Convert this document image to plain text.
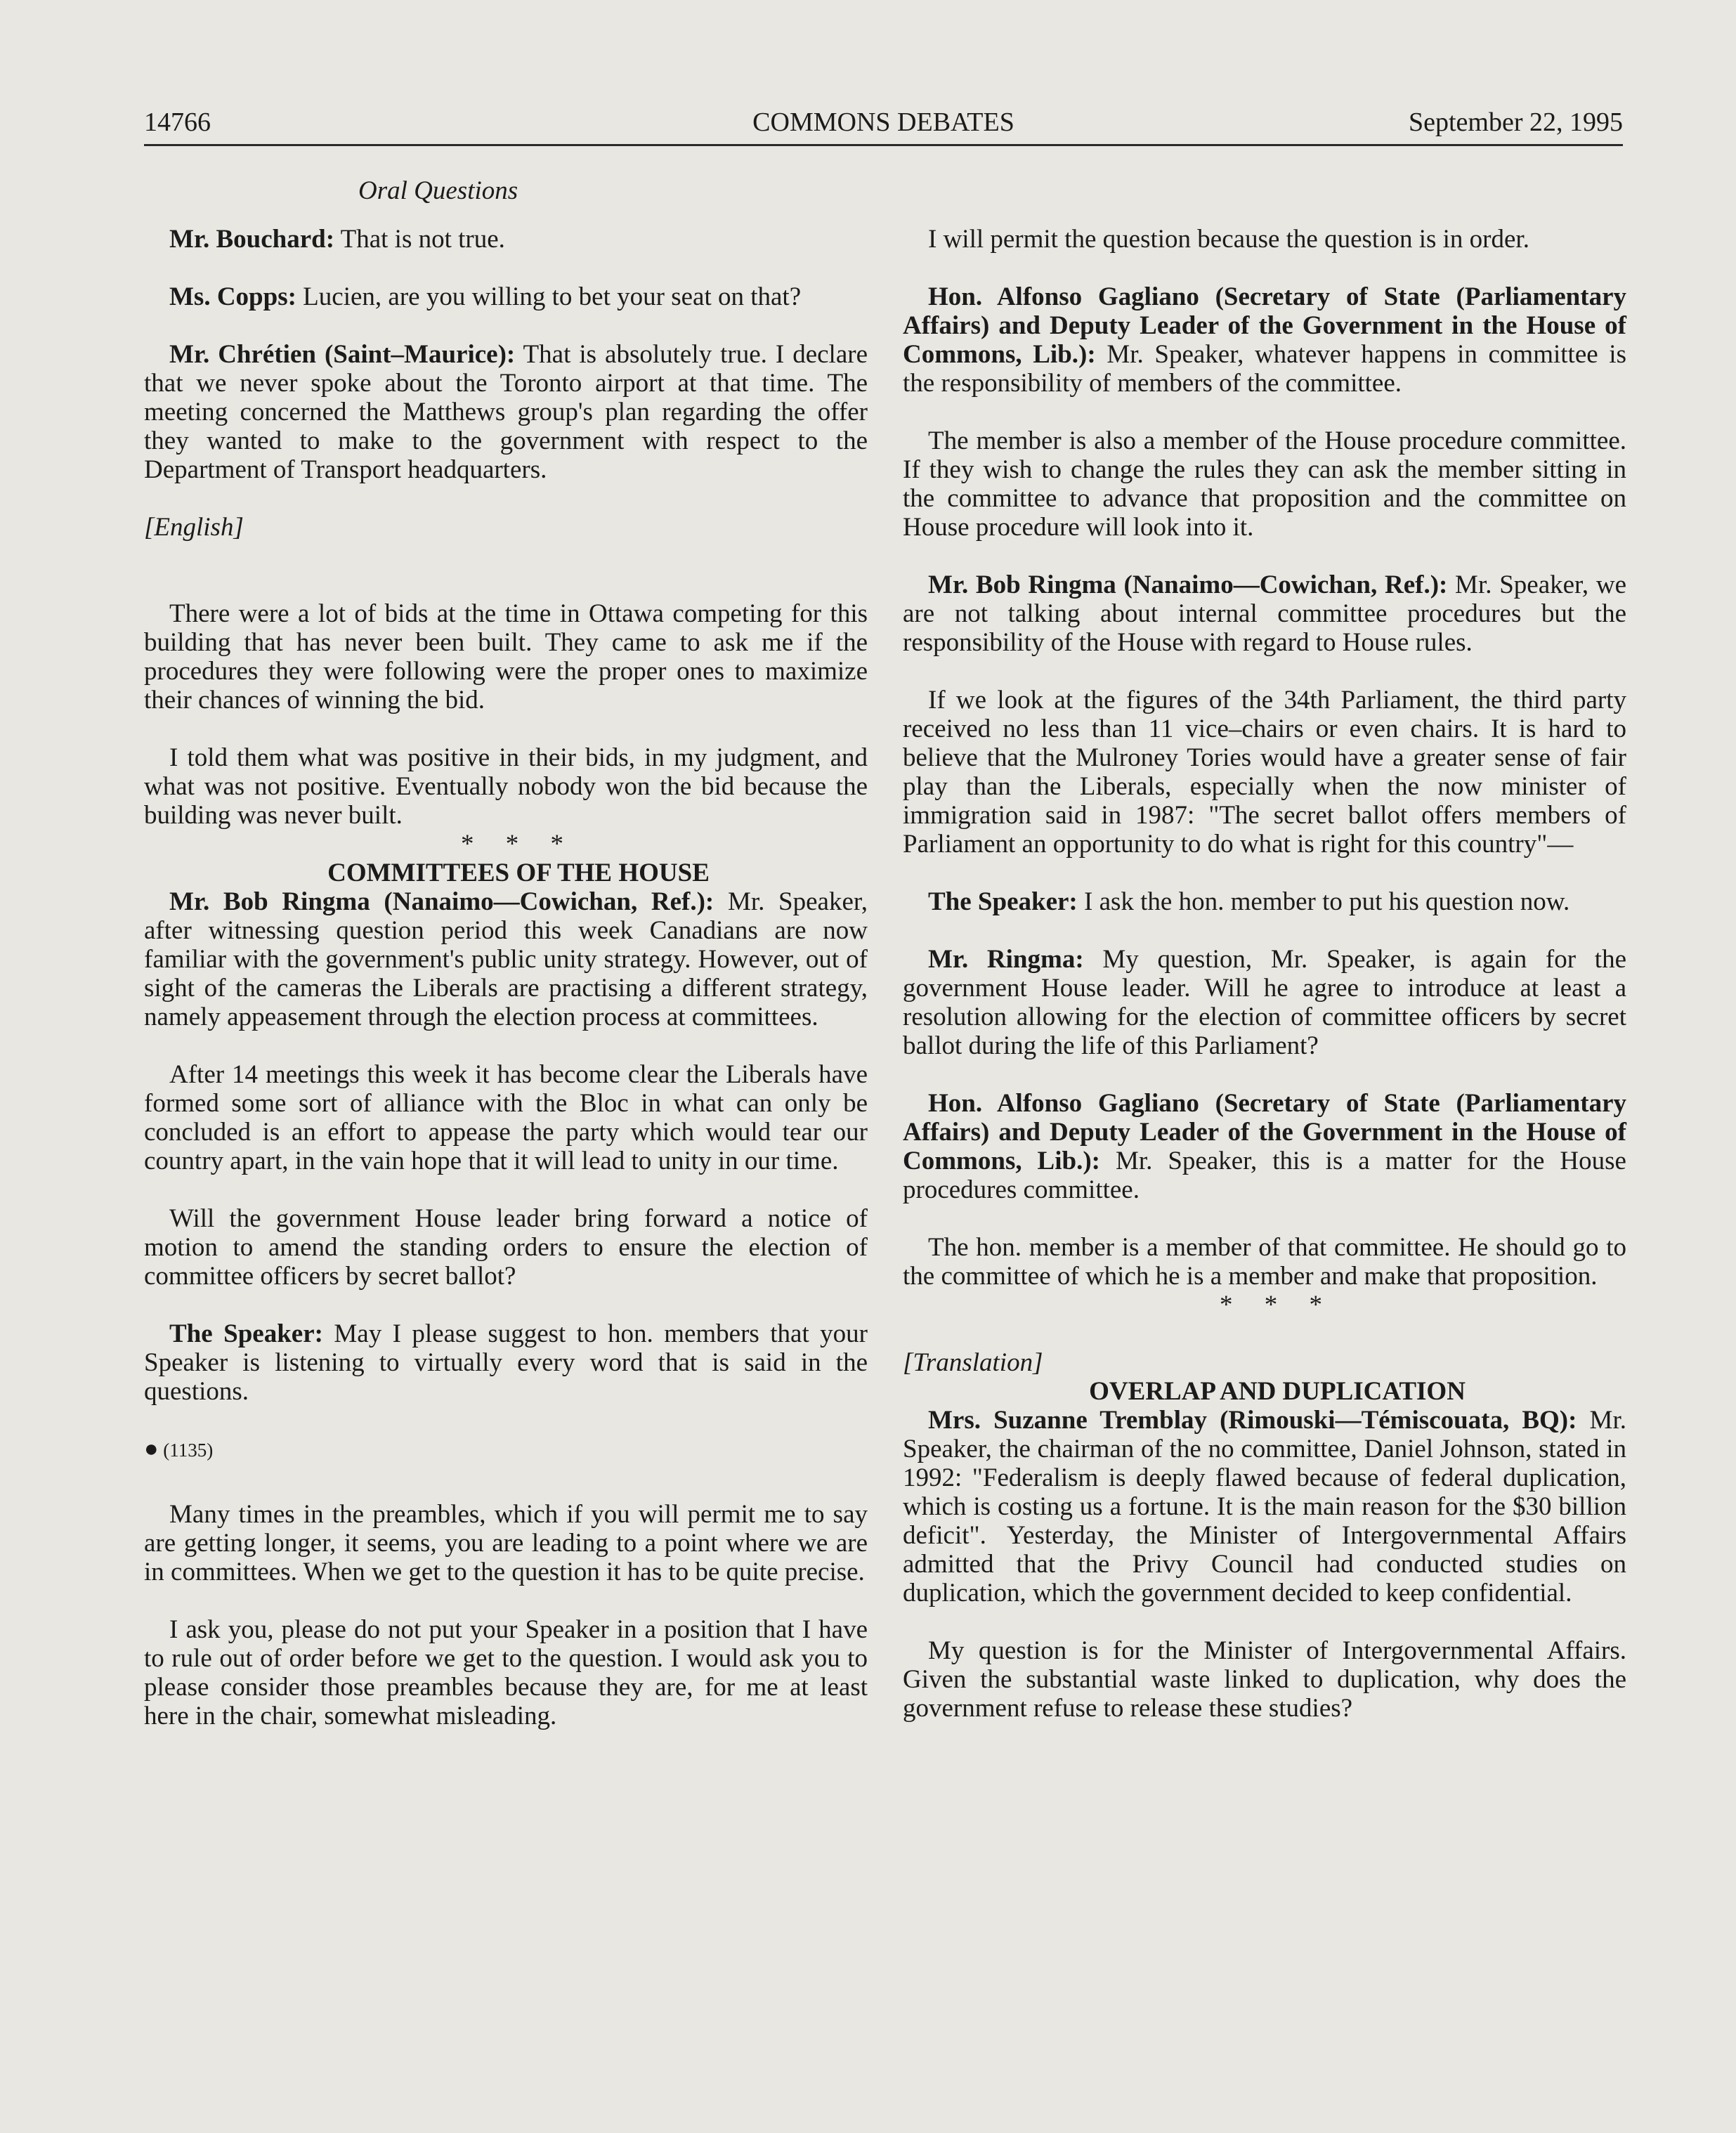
14766	COMMONS DEBATES	September 22, 1995
Oral Questions

Mr. Bouchard: That is not true.

Ms. Copps: Lucien, are you willing to bet your seat on that?

Mr. Chrétien (Saint–Maurice): That is absolutely true. I declare that we never spoke about the Toronto airport at that time. The meeting concerned the Matthews group's plan regarding the offer they wanted to make to the government with respect to the Department of Transport headquarters.

[English]

There were a lot of bids at the time in Ottawa competing for this building that has never been built. They came to ask me if the procedures they were following were the proper ones to maximize their chances of winning the bid.

I told them what was positive in their bids, in my judgment, and what was not positive. Eventually nobody won the bid because the building was never built.

* * *

COMMITTEES OF THE HOUSE

Mr. Bob Ringma (Nanaimo—Cowichan, Ref.): Mr. Speaker, after witnessing question period this week Canadians are now familiar with the government's public unity strategy. However, out of sight of the cameras the Liberals are practising a different strategy, namely appeasement through the election process at committees.

After 14 meetings this week it has become clear the Liberals have formed some sort of alliance with the Bloc in what can only be concluded is an effort to appease the party which would tear our country apart, in the vain hope that it will lead to unity in our time.

Will the government House leader bring forward a notice of motion to amend the standing orders to ensure the election of committee officers by secret ballot?

The Speaker: May I please suggest to hon. members that your Speaker is listening to virtually every word that is said in the questions.

● (1135)

Many times in the preambles, which if you will permit me to say are getting longer, it seems, you are leading to a point where we are in committees. When we get to the question it has to be quite precise.

I ask you, please do not put your Speaker in a position that I have to rule out of order before we get to the question. I would ask you to please consider those preambles because they are, for me at least here in the chair, somewhat misleading.

I will permit the question because the question is in order.

Hon. Alfonso Gagliano (Secretary of State (Parliamentary Affairs) and Deputy Leader of the Government in the House of Commons, Lib.): Mr. Speaker, whatever happens in committee is the responsibility of members of the committee.

The member is also a member of the House procedure committee. If they wish to change the rules they can ask the member sitting in the committee to advance that proposition and the committee on House procedure will look into it.

Mr. Bob Ringma (Nanaimo—Cowichan, Ref.): Mr. Speaker, we are not talking about internal committee procedures but the responsibility of the House with regard to House rules.

If we look at the figures of the 34th Parliament, the third party received no less than 11 vice–chairs or even chairs. It is hard to believe that the Mulroney Tories would have a greater sense of fair play than the Liberals, especially when the now minister of immigration said in 1987: "The secret ballot offers members of Parliament an opportunity to do what is right for this country"—

The Speaker: I ask the hon. member to put his question now.

Mr. Ringma: My question, Mr. Speaker, is again for the government House leader. Will he agree to introduce at least a resolution allowing for the election of committee officers by secret ballot during the life of this Parliament?

Hon. Alfonso Gagliano (Secretary of State (Parliamentary Affairs) and Deputy Leader of the Government in the House of Commons, Lib.): Mr. Speaker, this is a matter for the House procedures committee.

The hon. member is a member of that committee. He should go to the committee of which he is a member and make that proposition.

* * *

[Translation]

OVERLAP AND DUPLICATION

Mrs. Suzanne Tremblay (Rimouski—Témiscouata, BQ): Mr. Speaker, the chairman of the no committee, Daniel Johnson, stated in 1992: "Federalism is deeply flawed because of federal duplication, which is costing us a fortune. It is the main reason for the $30 billion deficit". Yesterday, the Minister of Intergovernmental Affairs admitted that the Privy Council had conducted studies on duplication, which the government decided to keep confidential.

My question is for the Minister of Intergovernmental Affairs. Given the substantial waste linked to duplication, why does the government refuse to release these studies?
